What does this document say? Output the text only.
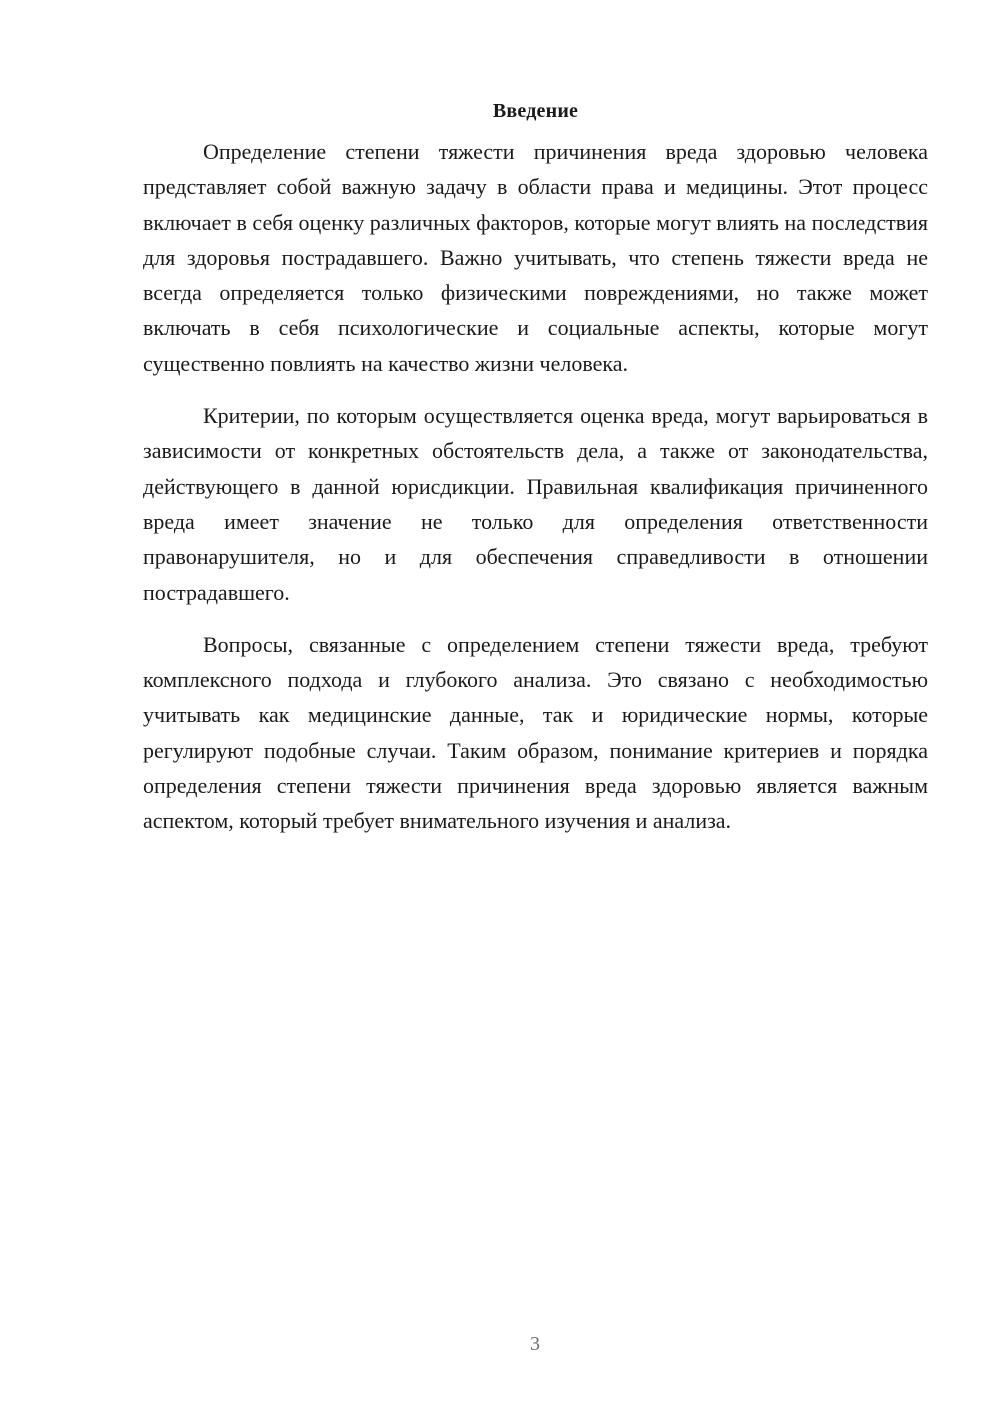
Введение

Определение степени тяжести причинения вреда здоровью человека представляет собой важную задачу в области права и медицины. Этот процесс включает в себя оценку различных факторов, которые могут влиять на последствия для здоровья пострадавшего. Важно учитывать, что степень тяжести вреда не всегда определяется только физическими повреждениями, но также может включать в себя психологические и социальные аспекты, которые могут существенно повлиять на качество жизни человека.

Критерии, по которым осуществляется оценка вреда, могут варьироваться в зависимости от конкретных обстоятельств дела, а также от законодательства, действующего в данной юрисдикции. Правильная квалификация причиненного вреда имеет значение не только для определения ответственности правонарушителя, но и для обеспечения справедливости в отношении пострадавшего.

Вопросы, связанные с определением степени тяжести вреда, требуют комплексного подхода и глубокого анализа. Это связано с необходимостью учитывать как медицинские данные, так и юридические нормы, которые регулируют подобные случаи. Таким образом, понимание критериев и порядка определения степени тяжести причинения вреда здоровью является важным аспектом, который требует внимательного изучения и анализа.

3
